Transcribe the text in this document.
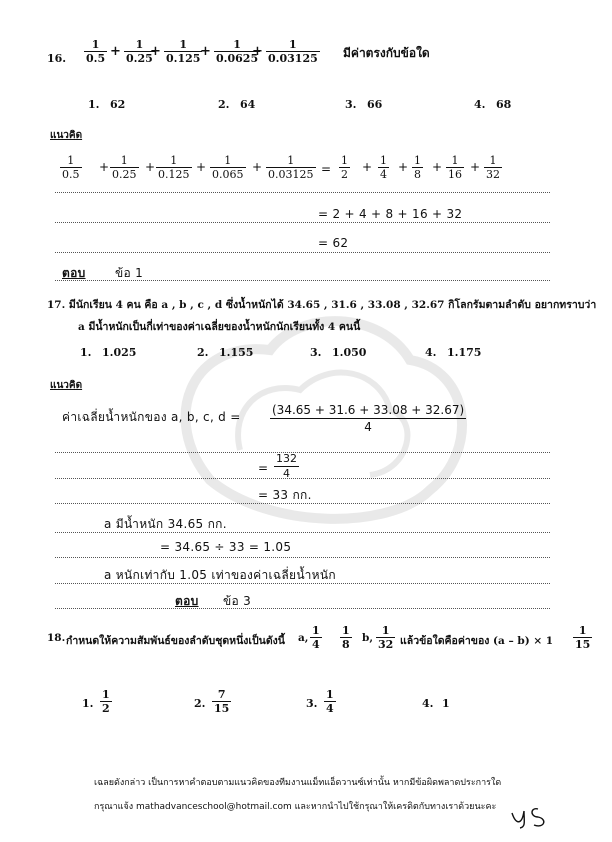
16.	มีค่าตรงกับข้อใด
แนวคิด
=
= 2 + 4 + 8 + 16 + 32
= 62
ตอบ ข้อ 1
17. มีนักเรียน 4 คน คือ a , b , c , d ซึ่งน้ำหนักได้ 34.65 , 31.6 , 33.08 , 32.67 กิโลกรัมตามลำดับ อยากทราบว่า
a มีน้ำหนักเป็นกี่เท่าของค่าเฉลี่ยของน้ำหนักนักเรียนทั้ง 4 คนนี้
แนวคิด
ค่าเฉลี่ยน้ำหนักของ a, b, c, $d = \frac{(34.65 + 31.6 + 33.08 + 32.67)}{4}$
= $\frac{132}{4}$
= 33 กก.
a มีน้ำหนัก 34.65 กก.
= 34.65 ÷ 33 = 1.05
a หนักเท่ากับ 1.05 เท่าของค่าเฉลี่ยน้ำหนัก
ตอบ ข้อ 3
18. กำหนดให้ความสัมพันธ์ของลำดับชุดหนึ่งเป็นดังนี้	แล้วข้อใดคือค่าของ $(a - b) \times 1 \frac{1}{15}$
เฉลยดังกล่าว เป็นการหาคำตอบตามแนวคิดของทีมงานแม็ทแอ็ดวานซ์เท่านั้น หากมีข้อผิดพลาดประการใด
กรุณาแจ้ง mathadvanceschool@hotmail.com และหากนำไปใช้กรุณาให้เครดิตกับทางเราด้วยนะคะ
$\frac{1}{0.5} \frac{1}{0.25} \frac{1}{0.125} \frac{1}{0.0625} \frac{1}{0.03125}$
+ +	+	+
1. 62	2. 64	3. 66	4. 68
$\frac{1}{0.5}$	$\frac{1}{0.25} \frac{1}{0.125} \frac{1}{0.065} \frac{1}{0.03125}$
+	+	+	+	$\frac{1}{2}$	$\frac{1}{4} \frac{1}{8} \frac{1}{16} \frac{1}{32}$
+ + + +
1. 1.025	2. 1.155	3. 1.050	4. 1.175
a, $\frac{1}{4} \frac{1}{8} b$, $\frac{1}{32}$
1. $\frac{1}{2}$	2. $\frac{7}{15}$	3. $\frac{1}{4}$	4. 1
